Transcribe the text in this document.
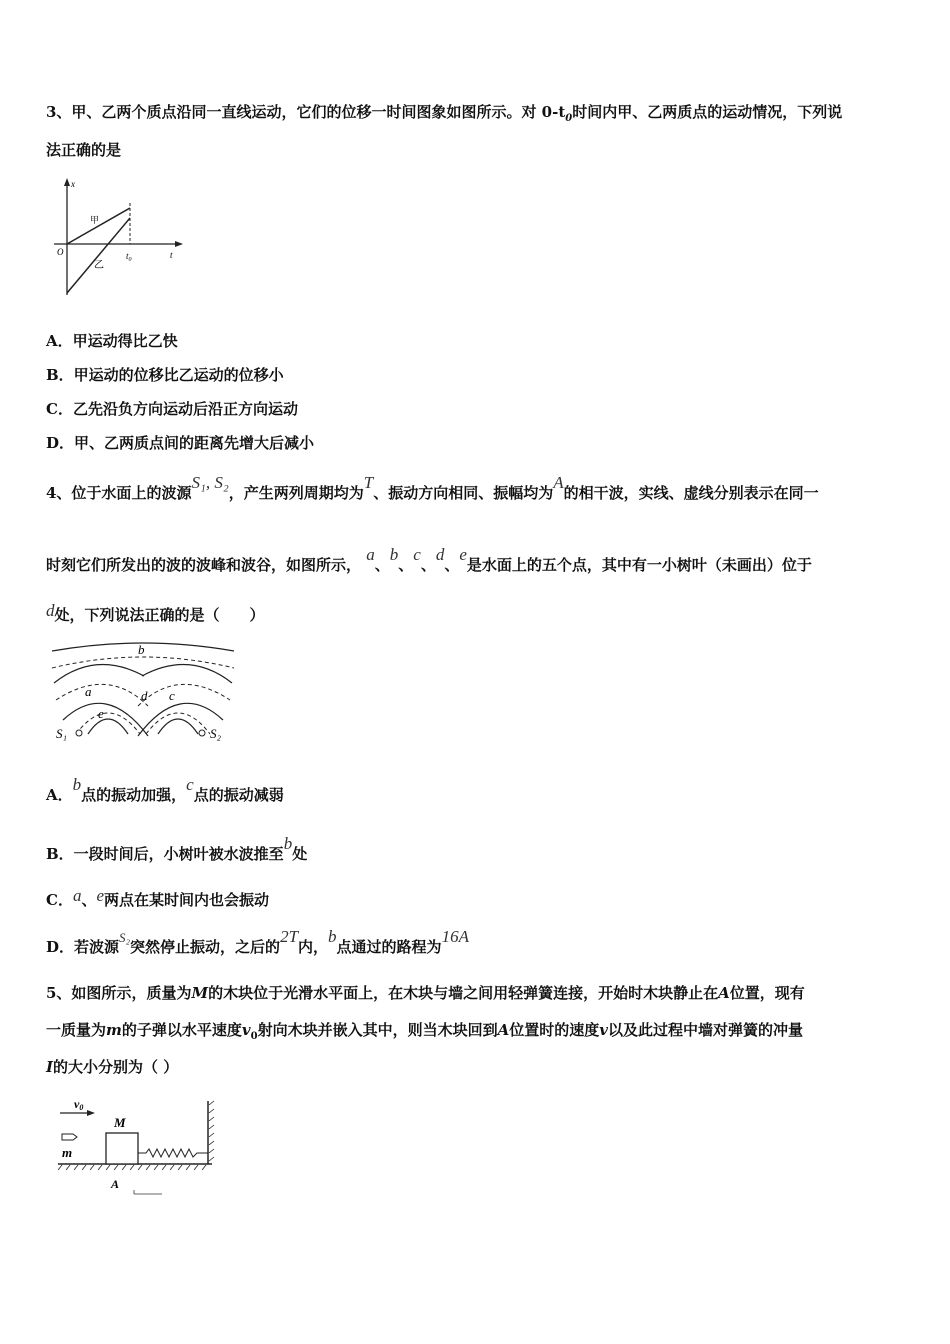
3、甲、乙两个质点沿同一直线运动，它们的位移一时间图象如图所示。对 $0-t_0$时间内甲、乙两质点的运动情况，下列说
法正确的是
x
t
O	$t_0$
甲
乙
A．甲运动得比乙快
B．甲运动的位移比乙运动的位移小
C．乙先沿负方向运动后沿正方向运动
D．甲、乙两质点间的距离先增大后减小
4、位于水面上的波源S₁, S₂，产生两列周期均为T、振动方向相同、振幅均为A的相干波，实线、虚线分别表示在同一
时刻它们所发出的波的波峰和波谷，如图所示， a、b、c、d、e是水面上的五个点，其中有一小树叶（未画出）位于
d处，下列说法正确的是（　　）
b
a	d c
e
S₁	S₂
A．b点的振动加强，c点的振动减弱
B．一段时间后，小树叶被水波推至b处
C．a、e两点在某时间内也会振动
D．若波源S₂突然停止振动，之后的2T内，b点通过的路程为16A
5、如图所示，质量为M的木块位于光滑水平面上，在木块与墙之间用轻弹簧连接，开始时木块静止在A位置，现有
一质量为m的子弹以水平速度$v_0$射向木块并嵌入其中，则当木块回到A位置时的速度v以及此过程中墙对弹簧的冲量
I的大小分别为（ ）
v0
M
m
A
